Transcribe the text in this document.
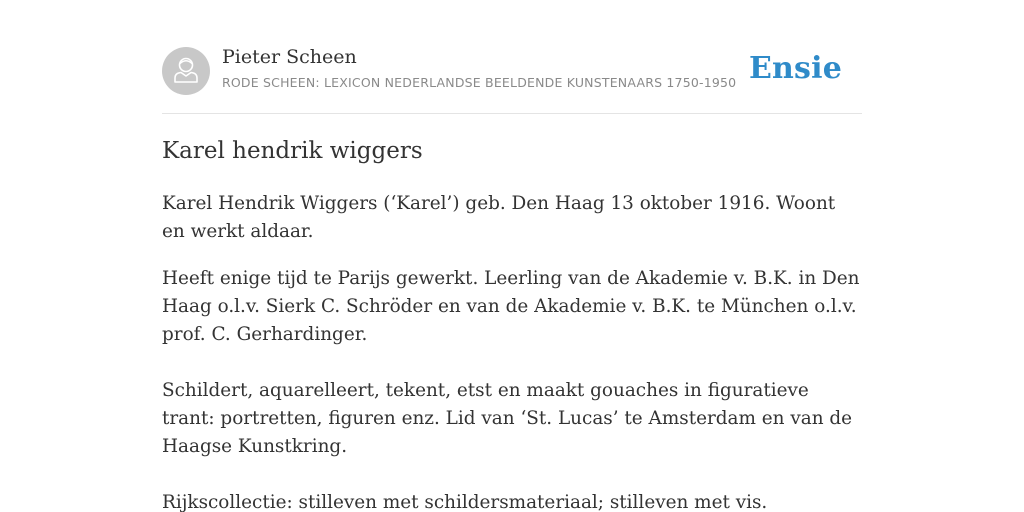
Pieter Scheen
RODE SCHEEN: LEXICON NEDERLANDSE BEELDENDE KUNSTENAARS 1750-1950 Ensie
Karel hendrik wiggers

Karel Hendrik Wiggers (‘Karel’) geb. Den Haag 13 oktober 1916. Woont en werkt aldaar.

Heeft enige tijd te Parijs gewerkt. Leerling van de Akademie v. B.K. in Den Haag o.l.v. Sierk C. Schröder en van de Akademie v. B.K. te München o.l.v. prof. C. Gerhardinger.

Schildert, aquarelleert, tekent, etst en maakt gouaches in figuratieve trant: portretten, figuren enz. Lid van ‘St. Lucas’ te Amsterdam en van de Haagse Kunstkring.

Rijkscollectie: stilleven met schildersmateriaal; stilleven met vis.
